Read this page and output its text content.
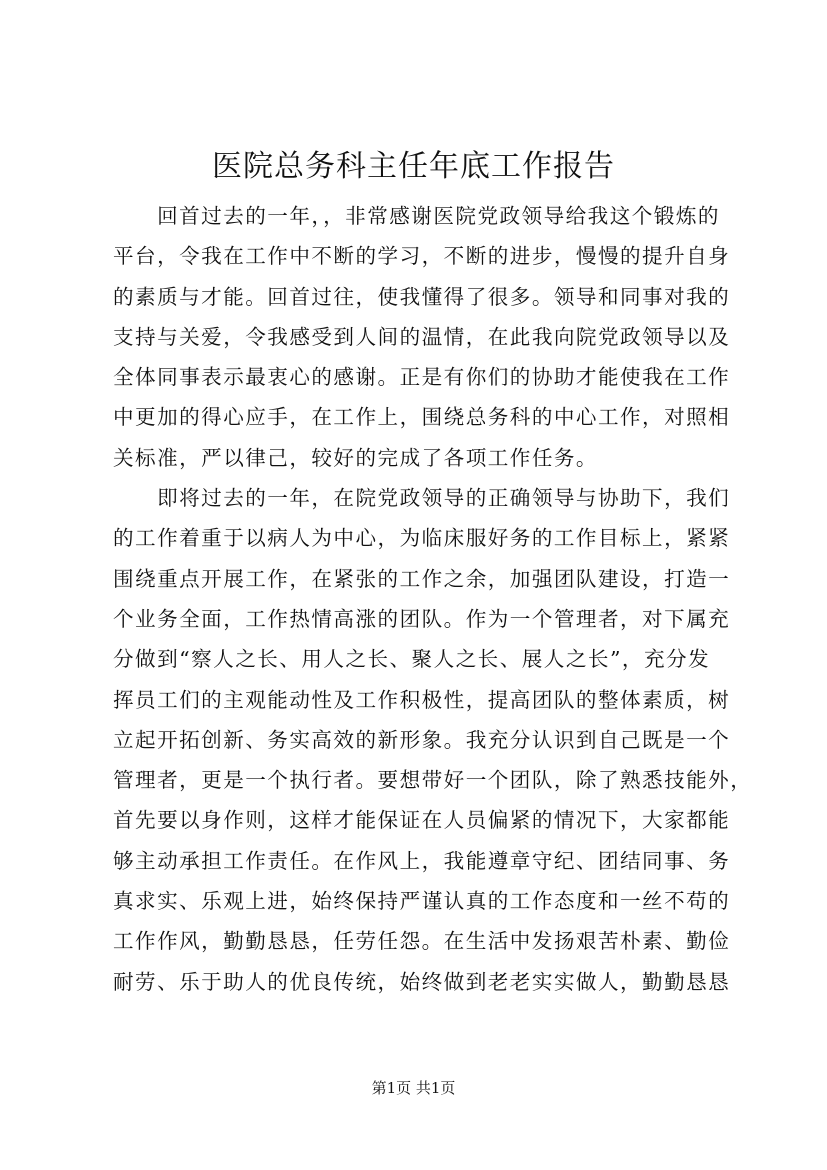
医院总务科主任年底工作报告

　　回首过去的一年，，非常感谢医院党政领导给我这个锻炼的
平台，令我在工作中不断的学习，不断的进步，慢慢的提升自身
的素质与才能。回首过往，使我懂得了很多。领导和同事对我的
支持与关爱，令我感受到人间的温情，在此我向院党政领导以及
全体同事表示最衷心的感谢。正是有你们的协助才能使我在工作
中更加的得心应手，在工作上，围绕总务科的中心工作，对照相
关标准，严以律己，较好的完成了各项工作任务。

　　即将过去的一年，在院党政领导的正确领导与协助下，我们
的工作着重于以病人为中心，为临床服好务的工作目标上，紧紧
围绕重点开展工作，在紧张的工作之余，加强团队建设，打造一
个业务全面，工作热情高涨的团队。作为一个管理者，对下属充
分做到“察人之长、用人之长、聚人之长、展人之长”，充分发
挥员工们的主观能动性及工作积极性，提高团队的整体素质，树
立起开拓创新、务实高效的新形象。我充分认识到自己既是一个
管理者，更是一个执行者。要想带好一个团队，除了熟悉技能外，
首先要以身作则，这样才能保证在人员偏紧的情况下，大家都能
够主动承担工作责任。在作风上，我能遵章守纪、团结同事、务
真求实、乐观上进，始终保持严谨认真的工作态度和一丝不苟的
工作作风，勤勤恳恳，任劳任怨。在生活中发扬艰苦朴素、勤俭
耐劳、乐于助人的优良传统，始终做到老老实实做人，勤勤恳恳

第1页 共1页
